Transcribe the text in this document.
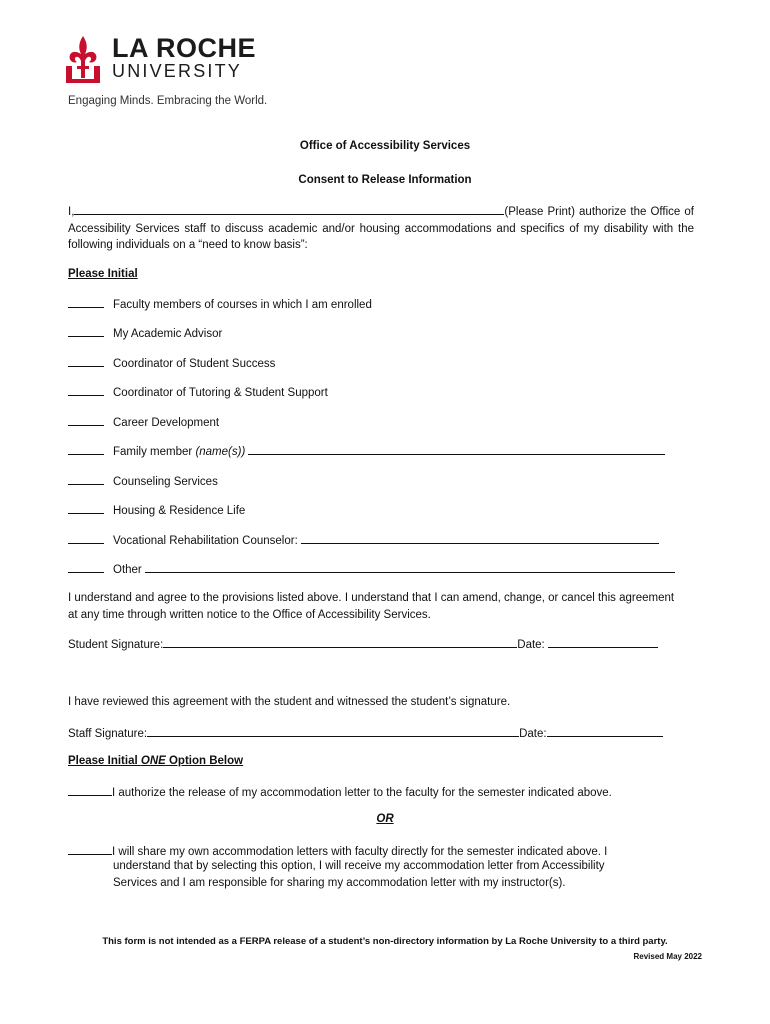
LA ROCHE
UNIVERSITY
Engaging Minds. Embracing the World.
Office of Accessibility Services
Consent to Release Information
I,	(Please Print) authorize the Office of Accessibility Services staff to discuss academic and/or housing accommodations and specifics of my disability with the following individuals on a “need to know basis”:
Please Initial
Faculty members of courses in which I am enrolled
My Academic Advisor
Coordinator of Student Success
Coordinator of Tutoring & Student Support
Career Development
Family member (name(s))
Counseling Services
Housing & Residence Life
Vocational Rehabilitation Counselor:
Other
I understand and agree to the provisions listed above. I understand that I can amend, change, or cancel this agreement at any time through written notice to the Office of Accessibility Services.
Student Signature:	Date:
I have reviewed this agreement with the student and witnessed the student’s signature.
Staff Signature:	Date:
Please Initial ONE Option Below
I authorize the release of my accommodation letter to the faculty for the semester indicated above.
OR
I will share my own accommodation letters with faculty directly for the semester indicated above. I
understand that by selecting this option, I will receive my accommodation letter from Accessibility
Services and I am responsible for sharing my accommodation letter with my instructor(s).
This form is not intended as a FERPA release of a student’s non-directory information by La Roche University to a third party.
Revised May 2022
